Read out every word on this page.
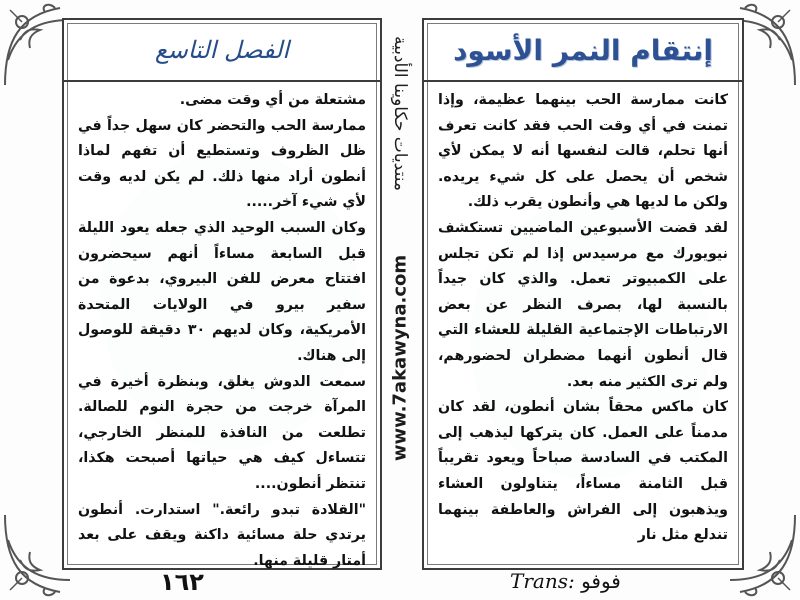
الفصل التاسع

مشتعلة من أي وقت مضى.

ممارسة الحب والتحضر كان سهل جداً في ظل الظروف وتستطيع أن تفهم لماذا أنطون أراد منها ذلك. لم يكن لديه وقت لأي شيء آخر.....

وكان السبب الوحيد الذي جعله يعود الليلة قبل السابعة مساءاً أنهم سيحضرون افتتاح معرض للفن البيروي، بدعوة من سفير بيرو في الولايات المتحدة الأمريكية، وكان لديهم ٣٠ دقيقة للوصول إلى هناك.

سمعت الدوش يغلق، وبنظرة أخيرة في المرآة خرجت من حجرة النوم للصالة. تطلعت من النافذة للمنظر الخارجي، تتساءل كيف هي حياتها أصبحت هكذا، تنتظر أنطون....

"القلادة تبدو رائعة." استدارت. أنطون يرتدي حلة مسائية داكنة ويقف على بعد أمتار قليلة منها.

منتديات حكاوينا الأدبية
www.7akawyna.com
إنتقام النمر الأسود

كانت ممارسة الحب بينهما عظيمة، وإذا تمنت في أي وقت الحب فقد كانت تعرف أنها تحلم، قالت لنفسها أنه لا يمكن لأي شخص أن يحصل على كل شيء يريده. ولكن ما لديها هي وأنطون يقرب ذلك.

لقد قضت الأسبوعين الماضيين تستكشف نيويورك مع مرسيدس إذا لم تكن تجلس على الكمبيوتر تعمل. والذي كان جيداً بالنسبة لها، بصرف النظر عن بعض الارتباطات الإجتماعية القليلة للعشاء التي قال أنطون أنهما مضطران لحضورهم، ولم ترى الكثير منه بعد.

كان ماكس محقاً بشان أنطون، لقد كان مدمناً على العمل. كان يتركها ليذهب إلى المكتب في السادسة صباحاً ويعود تقريباً قبل الثامنة مساءاً، يتناولون العشاء ويذهبون إلى الفراش والعاطفة بينهما تندلع مثل نار

١٦٢	Trans: فوفو
